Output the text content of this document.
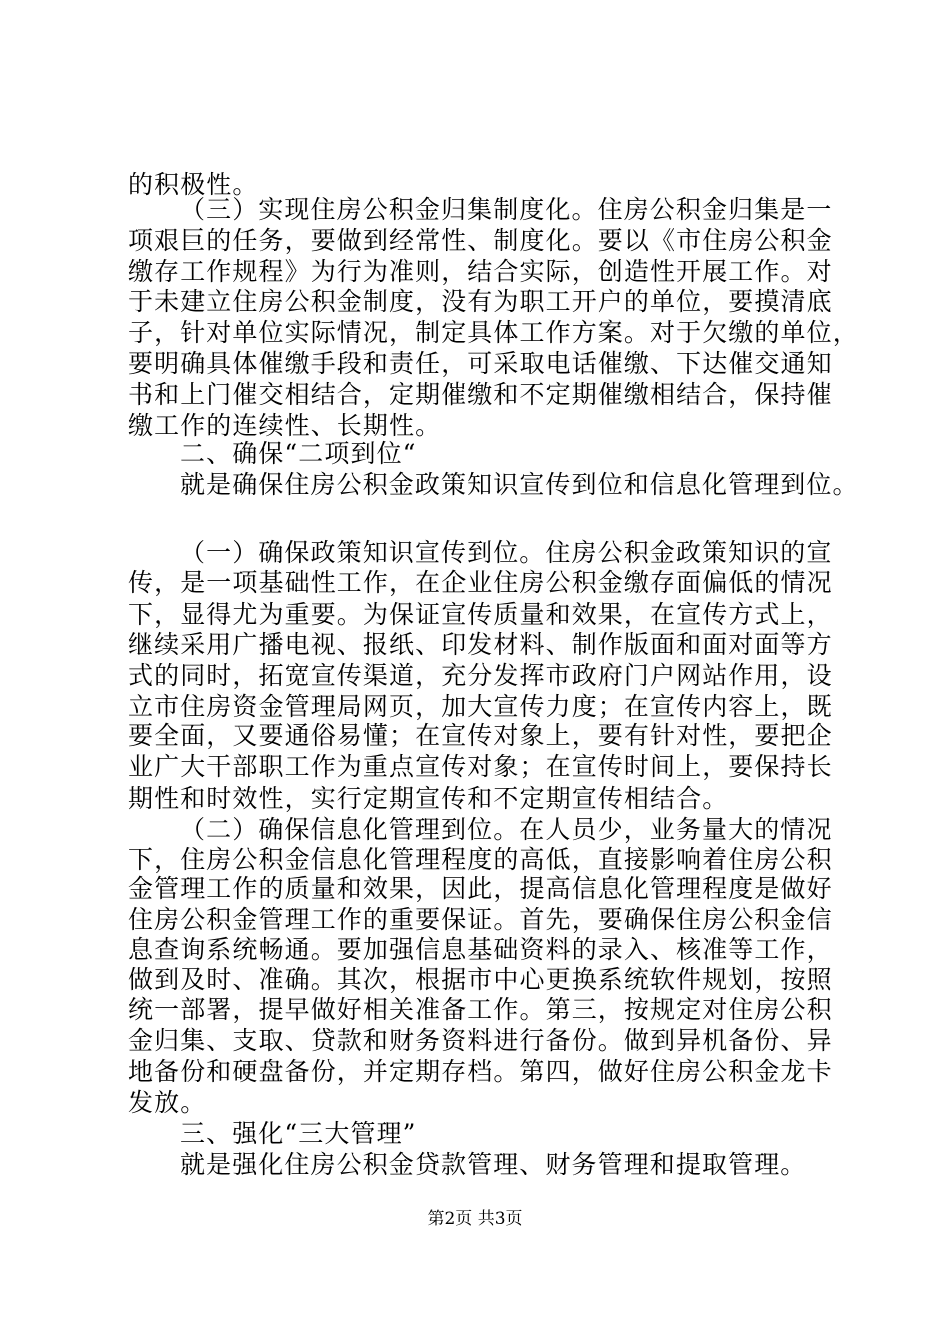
的积极性。
（三）实现住房公积金归集制度化。住房公积金归集是一
项艰巨的任务，要做到经常性、制度化。要以《市住房公积金
缴存工作规程》为行为准则，结合实际，创造性开展工作。对
于未建立住房公积金制度，没有为职工开户的单位，要摸清底
子，针对单位实际情况，制定具体工作方案。对于欠缴的单位，
要明确具体催缴手段和责任，可采取电话催缴、下达催交通知
书和上门催交相结合，定期催缴和不定期催缴相结合，保持催
缴工作的连续性、长期性。
二、确保“二项到位“
就是确保住房公积金政策知识宣传到位和信息化管理到位。
（一）确保政策知识宣传到位。住房公积金政策知识的宣
传，是一项基础性工作，在企业住房公积金缴存面偏低的情况
下，显得尤为重要。为保证宣传质量和效果，在宣传方式上，
继续采用广播电视、报纸、印发材料、制作版面和面对面等方
式的同时，拓宽宣传渠道，充分发挥市政府门户网站作用，设
立市住房资金管理局网页，加大宣传力度；在宣传内容上，既
要全面，又要通俗易懂；在宣传对象上，要有针对性，要把企
业广大干部职工作为重点宣传对象；在宣传时间上，要保持长
期性和时效性，实行定期宣传和不定期宣传相结合。
（二）确保信息化管理到位。在人员少，业务量大的情况
下，住房公积金信息化管理程度的高低，直接影响着住房公积
金管理工作的质量和效果，因此，提高信息化管理程度是做好
住房公积金管理工作的重要保证。首先，要确保住房公积金信
息查询系统畅通。要加强信息基础资料的录入、核准等工作，
做到及时、准确。其次，根据市中心更换系统软件规划，按照
统一部署，提早做好相关准备工作。第三，按规定对住房公积
金归集、支取、贷款和财务资料进行备份。做到异机备份、异
地备份和硬盘备份，并定期存档。第四，做好住房公积金龙卡
发放。
三、强化“三大管理”
就是强化住房公积金贷款管理、财务管理和提取管理。
第2页 共3页
